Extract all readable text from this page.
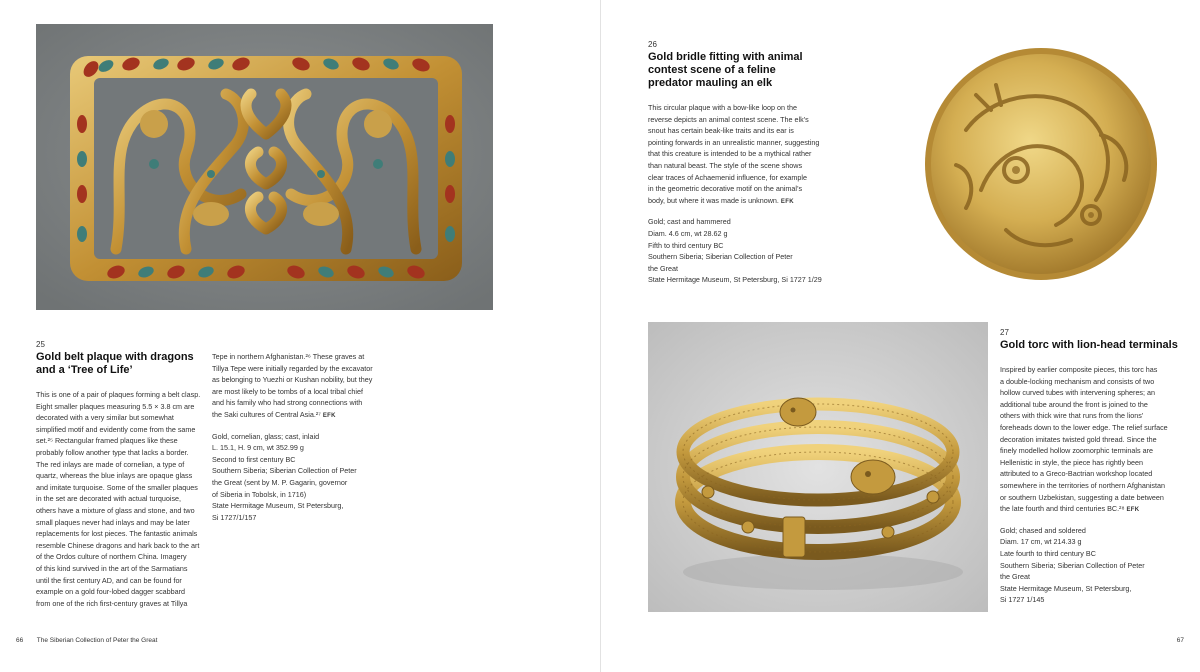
25
Gold belt plaque with dragons and a ‘Tree of Life’

This is one of a pair of plaques forming a belt clasp.

Eight smaller plaques measuring 5.5 × 3.8 cm are

decorated with a very similar but somewhat

simplified motif and evidently come from the same

set.²⁵ Rectangular framed plaques like these

probably follow another type that lacks a border.

The red inlays are made of cornelian, a type of

quartz, whereas the blue inlays are opaque glass

and imitate turquoise. Some of the smaller plaques

in the set are decorated with actual turquoise,

others have a mixture of glass and stone, and two

small plaques never had inlays and may be later

replacements for lost pieces. The fantastic animals

resemble Chinese dragons and hark back to the art

of the Ordos culture of northern China. Imagery

of this kind survived in the art of the Sarmatians

until the first century AD, and can be found for

example on a gold four-lobed dagger scabbard

from one of the rich first-century graves at Tillya

Tepe in northern Afghanistan.²⁶ These graves at

Tillya Tepe were initially regarded by the excavator

as belonging to Yuezhi or Kushan nobility, but they

are most likely to be tombs of a local tribal chief

and his family who had strong connections with

the Saki cultures of Central Asia.²⁷ EFK

Gold, cornelian, glass; cast, inlaid

L. 15.1, H. 9 cm, wt 352.99 g

Second to first century BC

Southern Siberia; Siberian Collection of Peter

the Great (sent by M. P. Gagarin, governor

of Siberia in Tobolsk, in 1716)

State Hermitage Museum, St Petersburg,

Si 1727/1/157

66 The Siberian Collection of Peter the Great
26
Gold bridle fitting with animal contest scene of a feline predator mauling an elk

This circular plaque with a bow-like loop on the

reverse depicts an animal contest scene. The elk’s

snout has certain beak-like traits and its ear is

pointing forwards in an unrealistic manner, suggesting

that this creature is intended to be a mythical rather

than natural beast. The style of the scene shows

clear traces of Achaemenid influence, for example

in the geometric decorative motif on the animal’s

body, but where it was made is unknown. EFK

Gold; cast and hammered

Diam. 4.6 cm, wt 28.62 g

Fifth to third century BC

Southern Siberia; Siberian Collection of Peter

the Great

State Hermitage Museum, St Petersburg, Si 1727 1/29

27
Gold torc with lion-head terminals

Inspired by earlier composite pieces, this torc has

a double-locking mechanism and consists of two

hollow curved tubes with intervening spheres; an

additional tube around the front is joined to the

others with thick wire that runs from the lions’

foreheads down to the lower edge. The relief surface

decoration imitates twisted gold thread. Since the

finely modelled hollow zoomorphic terminals are

Hellenistic in style, the piece has rightly been

attributed to a Greco-Bactrian workshop located

somewhere in the territories of northern Afghanistan

or southern Uzbekistan, suggesting a date between

the late fourth and third centuries BC.²⁸ EFK

Gold; chased and soldered

Diam. 17 cm, wt 214.33 g

Late fourth to third century BC

Southern Siberia; Siberian Collection of Peter

the Great

State Hermitage Museum, St Petersburg,

Si 1727 1/145

67
